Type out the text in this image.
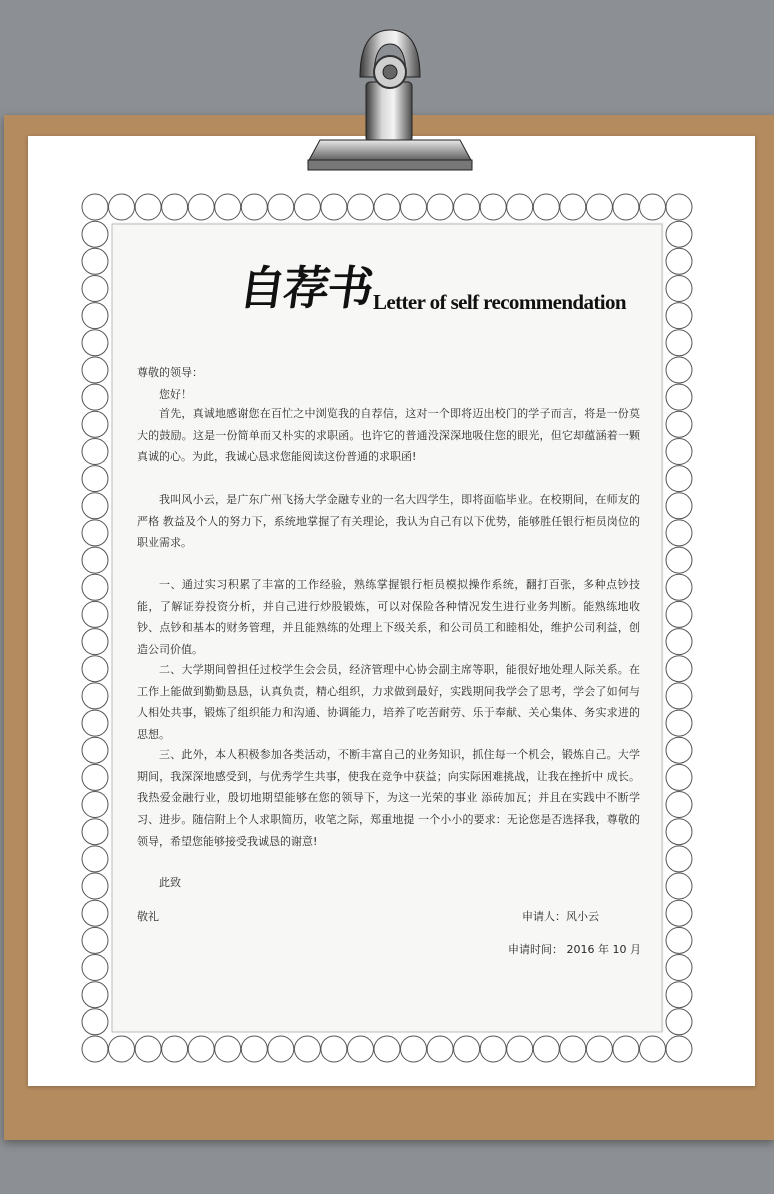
自荐书
Letter of self recommendation
尊敬的领导：
您好！
首先，真诚地感谢您在百忙之中浏览我的自荐信，这对一个即将迈出校门的学子而言，将是一份莫大的鼓励。这是一份简单而又朴实的求职函。也许它的普通没深深地吸住您的眼光，但它却蕴涵着一颗真诚的心。为此，我诚心恳求您能阅读这份普通的求职函!
我叫风小云，是广东广州飞扬大学金融专业的一名大四学生，即将面临毕业。在校期间，在师友的严格 教益及个人的努力下，系统地掌握了有关理论，我认为自己有以下优势，能够胜任银行柜员岗位的职业需求。
一、通过实习积累了丰富的工作经验，熟练掌握银行柜员模拟操作系统，翻打百张，多种点钞技能，了解证券投资分析，并自己进行炒股锻炼，可以对保险各种情况发生进行业务判断。能熟练地收钞、点钞和基本的财务管理，并且能熟练的处理上下级关系，和公司员工和睦相处，维护公司利益，创造公司价值。
二、大学期间曾担任过校学生会会员，经济管理中心协会副主席等职，能很好地处理人际关系。在工作上能做到勤勤恳恳，认真负责，精心组织，力求做到最好，实践期间我学会了思考，学会了如何与人相处共事，锻炼了组织能力和沟通、协调能力，培养了吃苦耐劳、乐于奉献、关心集体、务实求进的思想。
三、此外，本人积极参加各类活动，不断丰富自己的业务知识，抓住每一个机会，锻炼自己。大学期间，我深深地感受到，与优秀学生共事，使我在竞争中获益；向实际困难挑战，让我在挫折中 成长。我热爱金融行业，殷切地期望能够在您的领导下，为这一光荣的事业 添砖加瓦；并且在实践中不断学习、进步。随信附上个人求职简历，收笔之际，郑重地提 一个小小的要求：无论您是否选择我，尊敬的领导，希望您能够接受我诚恳的谢意!
此致
敬礼	申请人：风小云
申请时间： 2016 年 10 月
